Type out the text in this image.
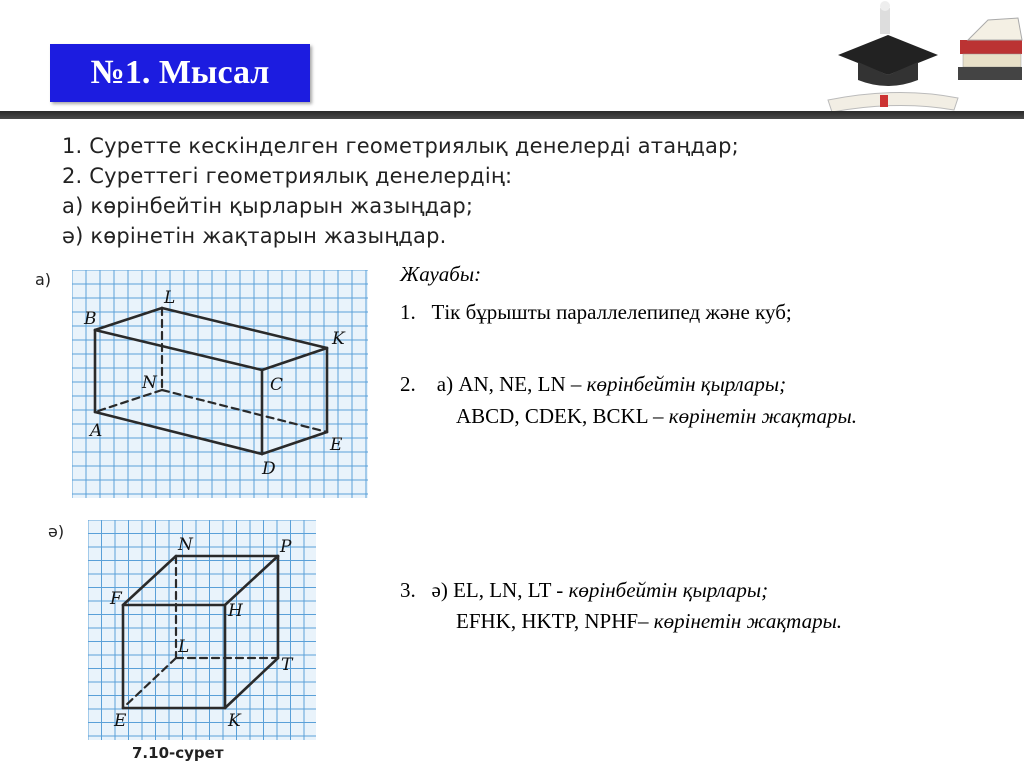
№1. Мысал
1. Суретте кескінделген геометриялық денелерді атаңдар;
2. Суреттегі геометриялық денелердің:
а) көрінбейтін қырларын жазыңдар;
ә) көрінетін жақтарын жазыңдар.
а)
B
L
K
N	C
A
E
D
ә)
N	P
F
H
L
T
E	K
7.10-сурет
Жауабы:
1. Тік бұрышты параллелепипед және куб;
2.    а) AN, NE, LN – көрінбейтін қырлары;
ABCD, CDEK, BCKL – көрінетін жақтары.
3.   ә) EL, LN, LT - көрінбейтін қырлары;
EFHK, HKTP, NPHF– көрінетін жақтары.
